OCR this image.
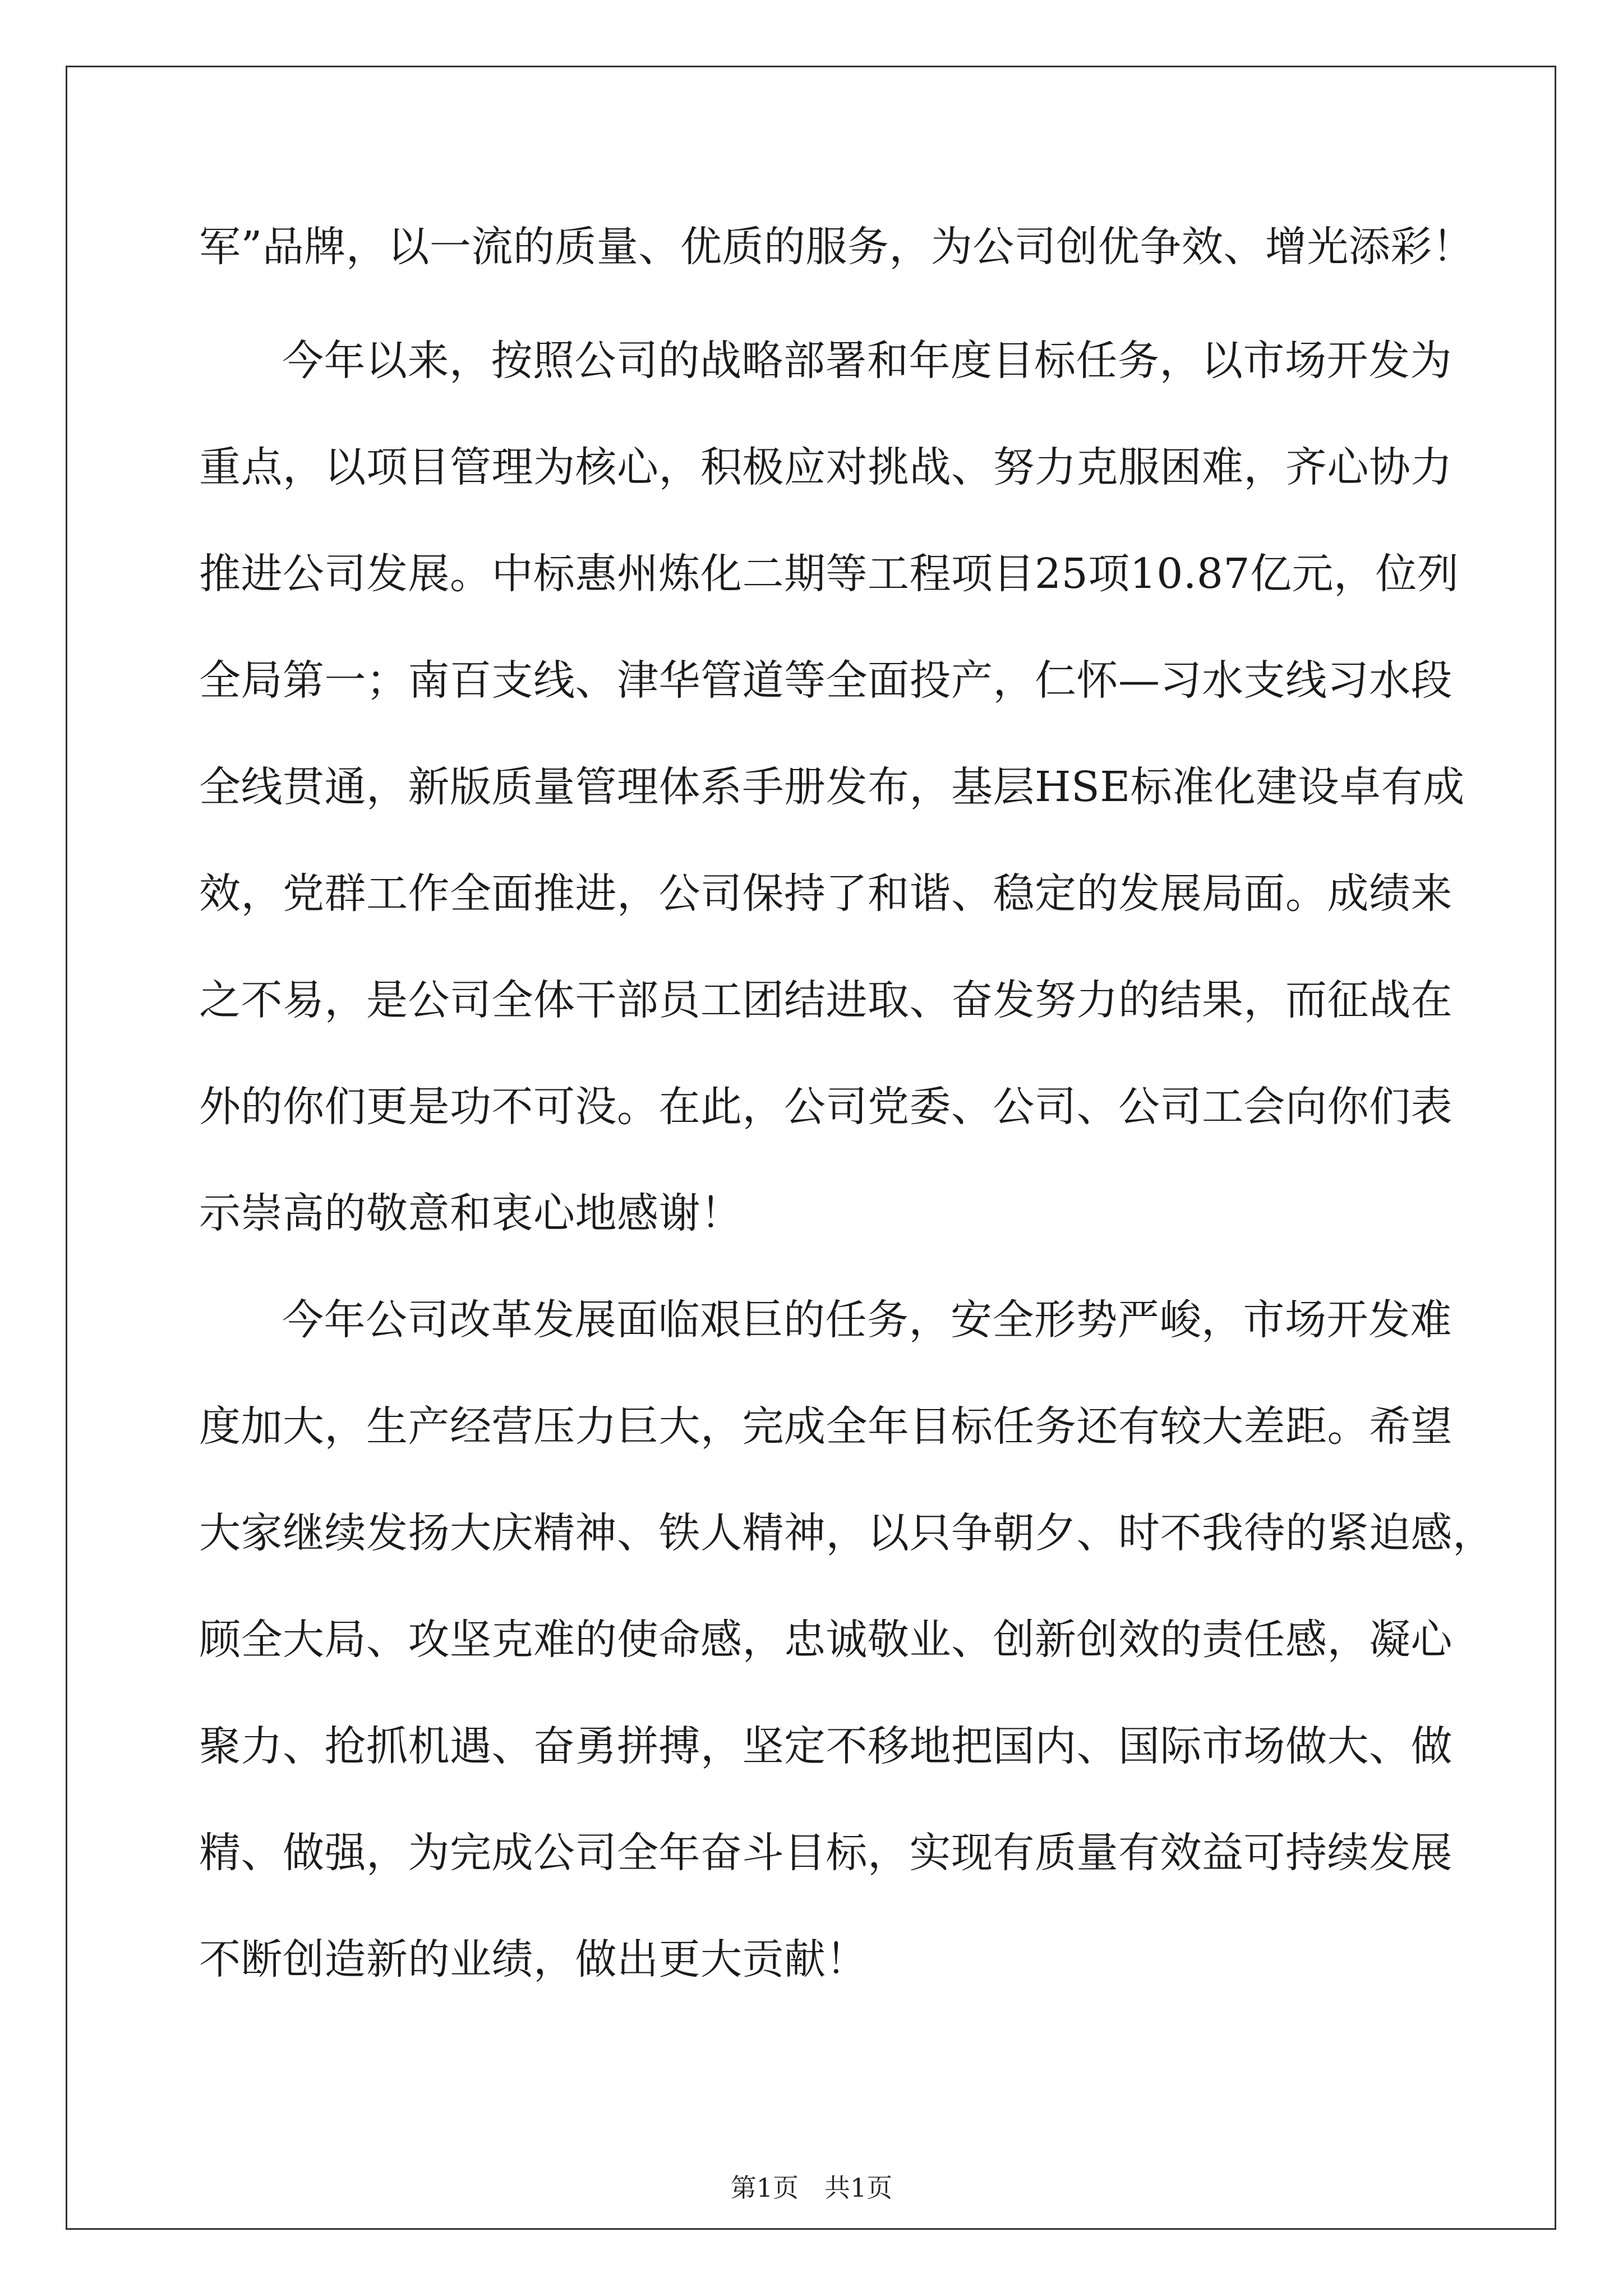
军”品牌，以一流的质量、优质的服务，为公司创优争效、增光添彩！
今年以来，按照公司的战略部署和年度目标任务，以市场开发为
重点，以项目管理为核心，积极应对挑战、努力克服困难，齐心协力
推进公司发展。中标惠州炼化二期等工程项目25项10.87亿元，位列
全局第一；南百支线、津华管道等全面投产，仁怀—习水支线习水段
全线贯通，新版质量管理体系手册发布，基层HSE标准化建设卓有成
效，党群工作全面推进，公司保持了和谐、稳定的发展局面。成绩来
之不易，是公司全体干部员工团结进取、奋发努力的结果，而征战在
外的你们更是功不可没。在此，公司党委、公司、公司工会向你们表
示崇高的敬意和衷心地感谢！
今年公司改革发展面临艰巨的任务，安全形势严峻，市场开发难
度加大，生产经营压力巨大，完成全年目标任务还有较大差距。希望
大家继续发扬大庆精神、铁人精神，以只争朝夕、时不我待的紧迫感，
顾全大局、攻坚克难的使命感，忠诚敬业、创新创效的责任感，凝心
聚力、抢抓机遇、奋勇拼搏，坚定不移地把国内、国际市场做大、做
精、做强，为完成公司全年奋斗目标，实现有质量有效益可持续发展
不断创造新的业绩，做出更大贡献！
第1页　共1页
